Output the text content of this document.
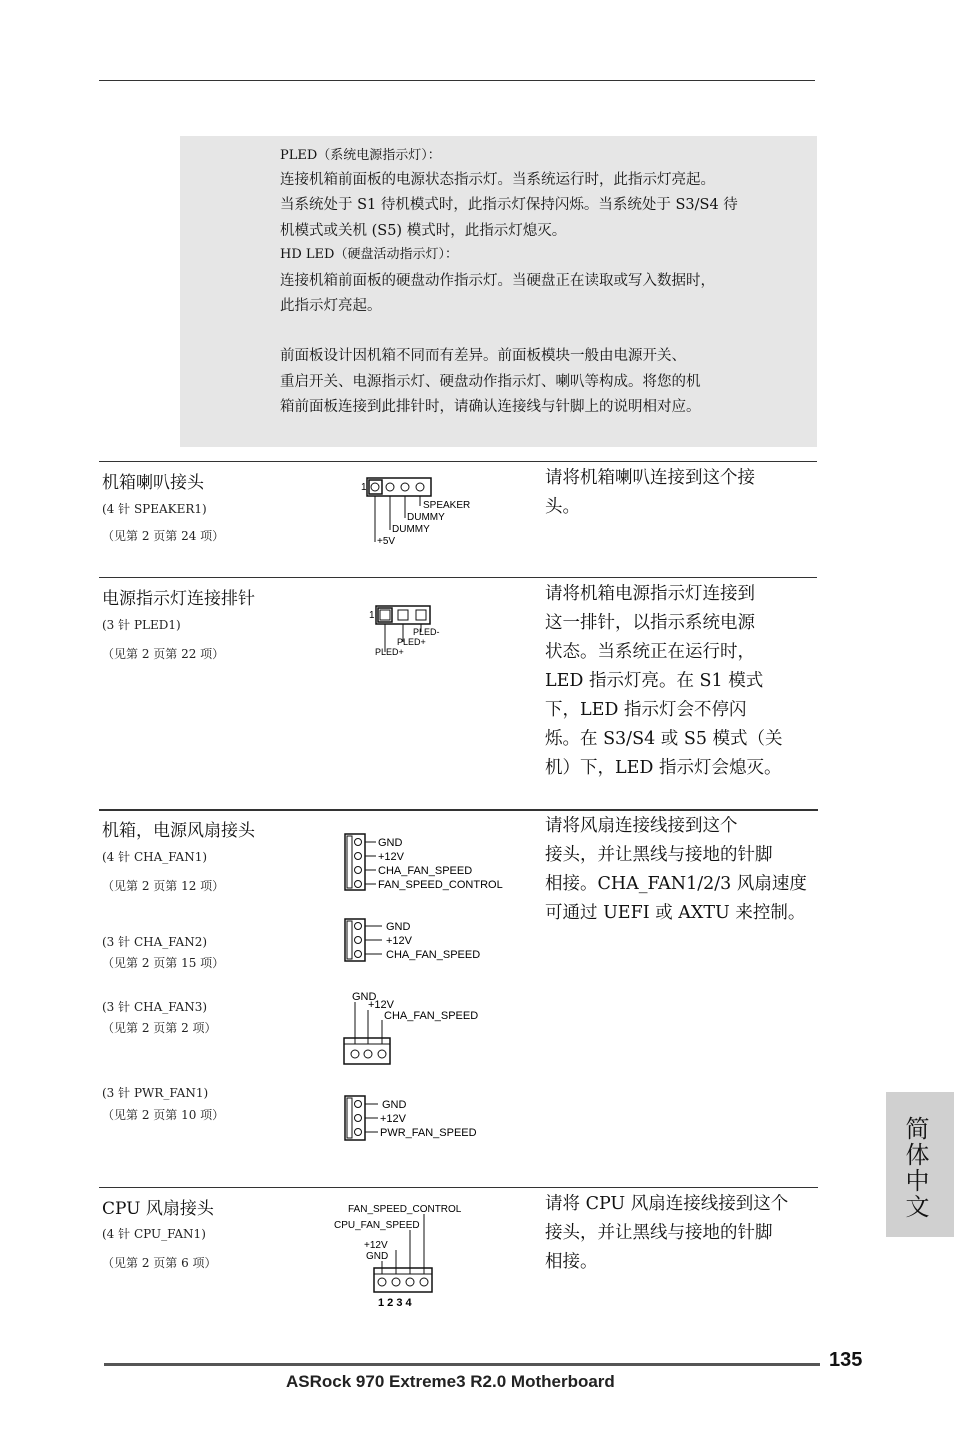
PLED（系统电源指示灯）：
连接机箱前面板的电源状态指示灯。当系统运行时，此指示灯亮起。
当系统处于 S1 待机模式时，此指示灯保持闪烁。当系统处于 S3/S4 待
机模式或关机 (S5) 模式时，此指示灯熄灭。
HD LED（硬盘活动指示灯）：
连接机箱前面板的硬盘动作指示灯。当硬盘正在读取或写入数据时，
此指示灯亮起。
前面板设计因机箱不同而有差异。前面板模块一般由电源开关、
重启开关、电源指示灯、硬盘动作指示灯、喇叭等构成。将您的机
箱前面板连接到此排针时，请确认连接线与针脚上的说明相对应。
机箱喇叭接头
(4 针 SPEAKER1)
（见第 2 页第 24 项）
1
SPEAKER
DUMMY
DUMMY
+5V
请将机箱喇叭连接到这个接
头。
电源指示灯连接排针
(3 针 PLED1)
（见第 2 页第 22 项）
1
PLED-
PLED+
PLED+
请将机箱电源指示灯连接到
这一排针，以指示系统电源
状态。当系统正在运行时，
LED 指示灯亮。在 S1 模式
下，LED 指示灯会不停闪
烁。在 S3/S4 或 S5 模式（关
机）下，LED 指示灯会熄灭。
机箱，电源风扇接头
(4 针 CHA_FAN1)
（见第 2 页第 12 项）
(3 针 CHA_FAN2)
（见第 2 页第 15 项）
(3 针 CHA_FAN3)
（见第 2 页第 2 项）
(3 针 PWR_FAN1)
（见第 2 页第 10 项）
GND
+12V
CHA_FAN_SPEED
FAN_SPEED_CONTROL
GND
+12V
CHA_FAN_SPEED
GND
+12V
CHA_FAN_SPEED
GND
+12V
PWR_FAN_SPEED
请将风扇连接线接到这个
接头，并让黑线与接地的针脚
相接。CHA_FAN1/2/3 风扇速度
可通过 UEFI 或 AXTU 来控制。
CPU 风扇接头
(4 针 CPU_FAN1)
（见第 2 页第 6 项）
FAN_SPEED_CONTROL
CPU_FAN_SPEED
+12V
GND
1 2 3 4
请将 CPU 风扇连接线接到这个
接头，并让黑线与接地的针脚
相接。
简体中文
135
ASRock 970 Extreme3 R2.0 Motherboard
